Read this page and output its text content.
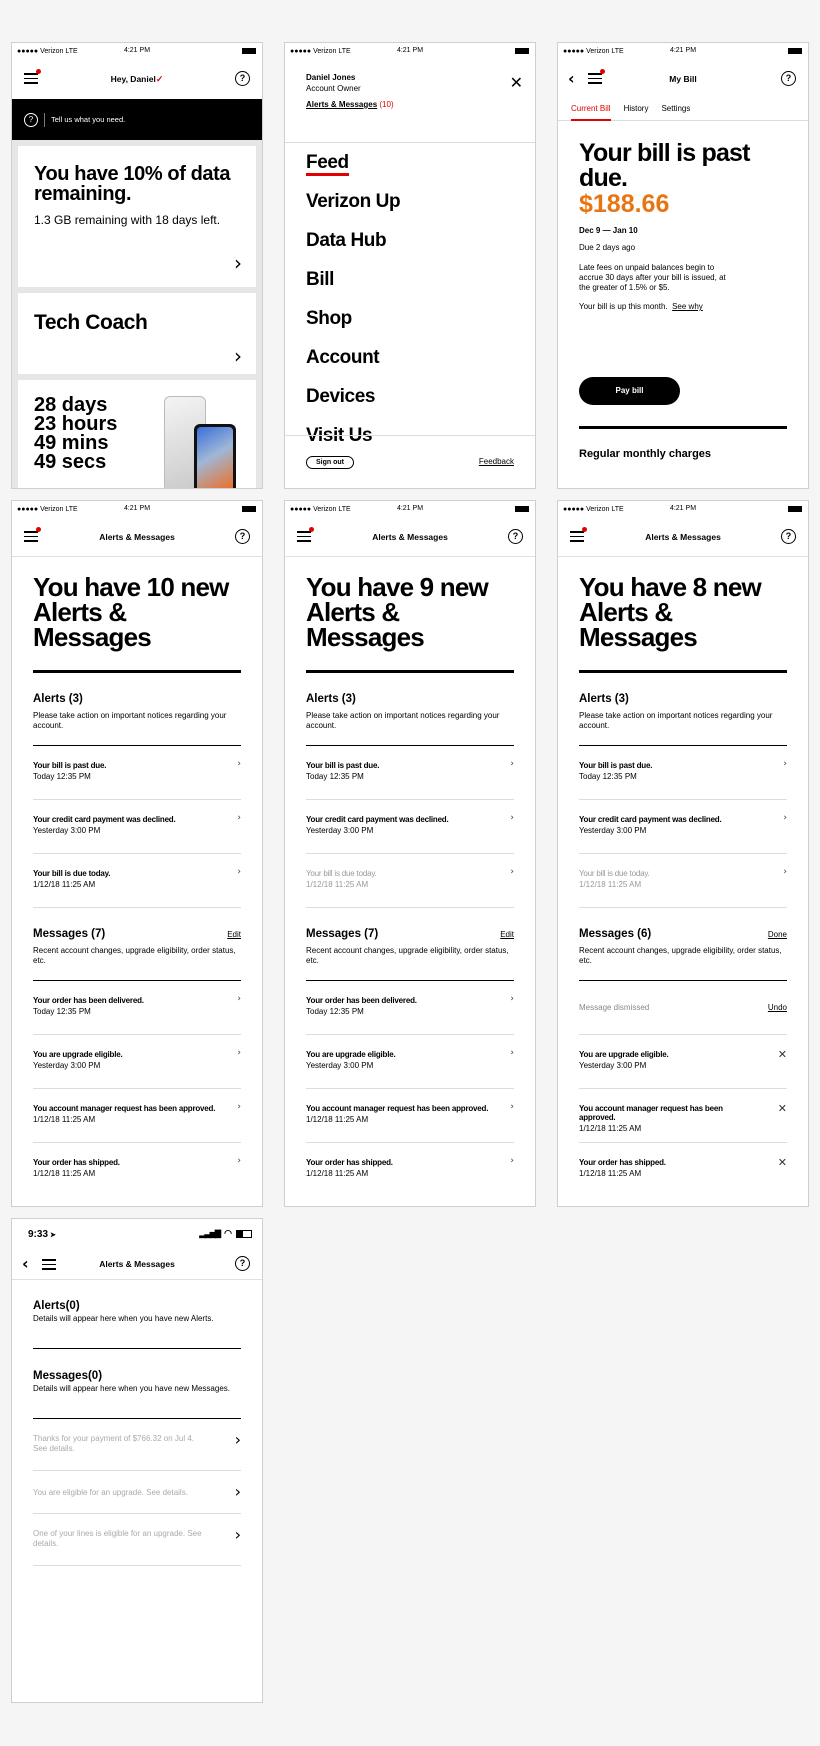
●●●●● Verizon LTE	4:21 PM
Hey, Daniel ✓	?
?	Tell us what you need.
You have 10% of data remaining.
1.3 GB remaining with 18 days left.
›
Tech Coach
›
28 days
23 hours
49 mins
49 secs
●●●●● Verizon LTE	4:21 PM
Daniel Jones
Account Owner
Alerts & Messages (10)
✕
Feed
Verizon Up
Data Hub
Bill
Shop
Account
Devices
Visit Us
Sign out	Feedback
●●●●● Verizon LTE	4:21 PM
‹	My Bill	?
Current Bill History Settings
Your bill is past due.
$188.66
Dec 9 — Jan 10
Due 2 days ago
Late fees on unpaid balances begin to accrue 30 days after your bill is issued, at the greater of 1.5% or $5.
Your bill is up this month. See why
Pay bill
Regular monthly charges
●●●●● Verizon LTE	4:21 PM
Alerts & Messages	?
You have 10 new Alerts & Messages
Alerts (3)
Please take action on important notices regarding your account.
Your bill is past due.
Today 12:35 PM
›
Your credit card payment was declined.
Yesterday 3:00 PM
›
Your bill is due today.
1/12/18 11:25 AM
›
Messages (7)	Edit
Recent account changes, upgrade eligibility, order status, etc.
Your order has been delivered.
Today 12:35 PM
›
You are upgrade eligible.
Yesterday 3:00 PM
›
You account manager request has been approved.
1/12/18 11:25 AM
›
Your order has shipped.
1/12/18 11:25 AM
›
●●●●● Verizon LTE	4:21 PM
Alerts & Messages	?
You have 9 new Alerts & Messages
Alerts (3)
Please take action on important notices regarding your account.
Your bill is past due.
Today 12:35 PM
›
Your credit card payment was declined.
Yesterday 3:00 PM
›
Your bill is due today.
1/12/18 11:25 AM
›
Messages (7)	Edit
Recent account changes, upgrade eligibility, order status, etc.
Your order has been delivered.
Today 12:35 PM
›
You are upgrade eligible.
Yesterday 3:00 PM
›
You account manager request has been approved.
1/12/18 11:25 AM
›
Your order has shipped.
1/12/18 11:25 AM
›
●●●●● Verizon LTE	4:21 PM
Alerts & Messages	?
You have 8 new Alerts & Messages
Alerts (3)
Please take action on important notices regarding your account.
Your bill is past due.
Today 12:35 PM
›
Your credit card payment was declined.
Yesterday 3:00 PM
›
Your bill is due today.
1/12/18 11:25 AM
›
Messages (6)	Done
Recent account changes, upgrade eligibility, order status, etc.
Message dismissed	Undo
You are upgrade eligible.
Yesterday 3:00 PM
✕
You account manager request has been approved.
1/12/18 11:25 AM
✕
Your order has shipped.
1/12/18 11:25 AM
✕
9:33 ➤	▂▃▅▇ ◠
‹	Alerts & Messages	?
Alerts(0)
Details will appear here when you have new Alerts.
Messages(0)
Details will appear here when you have new Messages.
Thanks for your payment of $766.32 on Jul 4. See details.	›
You are eligible for an upgrade. See details.	›
One of your lines is eligible for an upgrade. See details.	›
